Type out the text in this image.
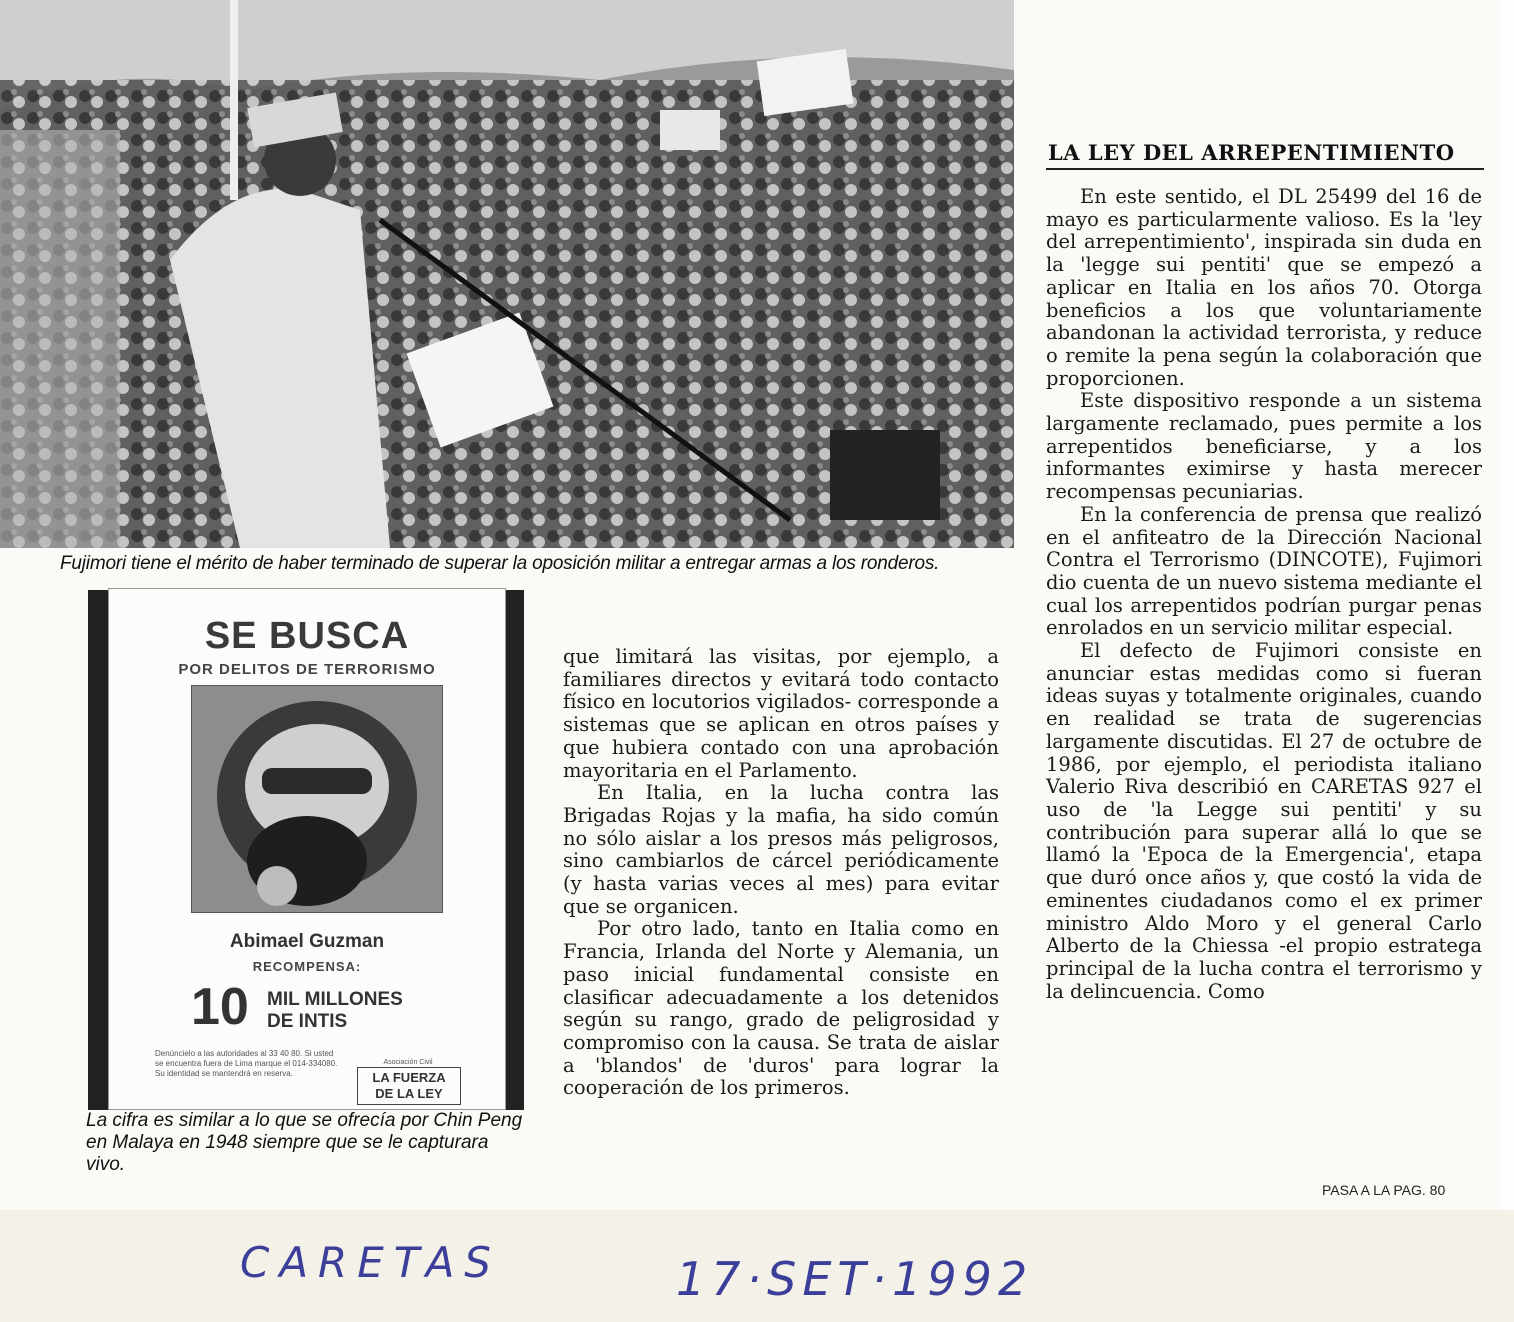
Fujimori tiene el mérito de haber terminado de superar la oposición militar a entregar armas a los ronderos.
SE BUSCA
POR DELITOS DE TERRORISMO
Abimael Guzman
RECOMPENSA:
10 MIL MILLONES
DE INTIS
Denúncielo a las autoridades al 33 40 80. Si usted se encuentra fuera de Lima marque el 014-334080. Su identidad se mantendrá en reserva.
Asociación Civil
LA FUERZA
DE LA LEY
La cifra es similar a lo que se ofrecía por Chin Peng en Malaya en 1948 siempre que se le capturara vivo.

que limitará las visitas, por ejemplo, a familiares directos y evitará todo contacto físico en locutorios vigilados- corresponde a sistemas que se aplican en otros países y que hubiera contado con una aprobación mayoritaria en el Parlamento.

En Italia, en la lucha contra las Brigadas Rojas y la mafia, ha sido común no sólo aislar a los presos más peligrosos, sino cambiarlos de cárcel periódicamente (y hasta varias veces al mes) para evitar que se organicen.

Por otro lado, tanto en Italia como en Francia, Irlanda del Norte y Alemania, un paso inicial fundamental consiste en clasificar adecuadamente a los detenidos según su rango, grado de peligrosidad y compromiso con la causa. Se trata de aislar a 'blandos' de 'duros' para lograr la cooperación de los primeros.

LA LEY DEL ARREPENTIMIENTO

En este sentido, el DL 25499 del 16 de mayo es particularmente valioso. Es la 'ley del arrepentimiento', inspirada sin duda en la 'legge sui pentiti' que se empezó a aplicar en Italia en los años 70. Otorga beneficios a los que voluntariamente abandonan la actividad terrorista, y reduce o remite la pena según la colaboración que proporcionen.

Este dispositivo responde a un sistema largamente reclamado, pues permite a los arrepentidos beneficiarse, y a los informantes eximirse y hasta merecer recompensas pecuniarias.

En la conferencia de prensa que realizó en el anfiteatro de la Dirección Nacional Contra el Terrorismo (DINCOTE), Fujimori dio cuenta de un nuevo sistema mediante el cual los arrepentidos podrían purgar penas enrolados en un servicio militar especial.

El defecto de Fujimori consiste en anunciar estas medidas como si fueran ideas suyas y totalmente originales, cuando en realidad se trata de sugerencias largamente discutidas. El 27 de octubre de 1986, por ejemplo, el periodista italiano Valerio Riva describió en CARETAS 927 el uso de 'la Legge sui pentiti' y su contribución para superar allá lo que se llamó la 'Epoca de la Emergencia', etapa que duró once años y, que costó la vida de eminentes ciudadanos como el ex primer ministro Aldo Moro y el general Carlo Alberto de la Chiessa -el propio estratega principal de la lucha contra el terrorismo y la delincuencia. Como

PASA A LA PAG. 80
CARETAS	17·SET·1992
